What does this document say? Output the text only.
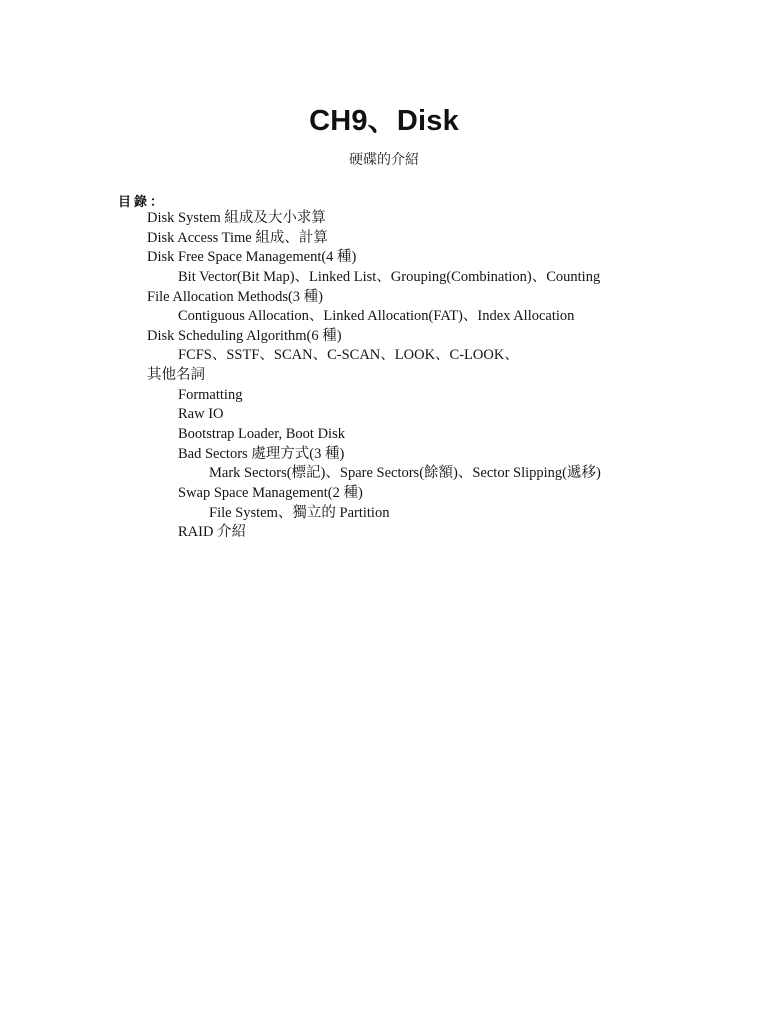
CH9、Disk
硬碟的介紹
目錄：
Disk System 組成及大小求算
Disk Access Time 組成、計算
Disk Free Space Management(4 種)
Bit Vector(Bit Map)、Linked List、Grouping(Combination)、Counting
File Allocation Methods(3 種)
Contiguous Allocation、Linked Allocation(FAT)、Index Allocation
Disk Scheduling Algorithm(6 種)
FCFS、SSTF、SCAN、C-SCAN、LOOK、C-LOOK、
其他名詞
Formatting
Raw IO
Bootstrap Loader, Boot Disk
Bad Sectors 處理方式(3 種)
Mark Sectors(標記)、Spare Sectors(餘額)、Sector Slipping(遞移)
Swap Space Management(2 種)
File System、獨立的 Partition
RAID 介紹
